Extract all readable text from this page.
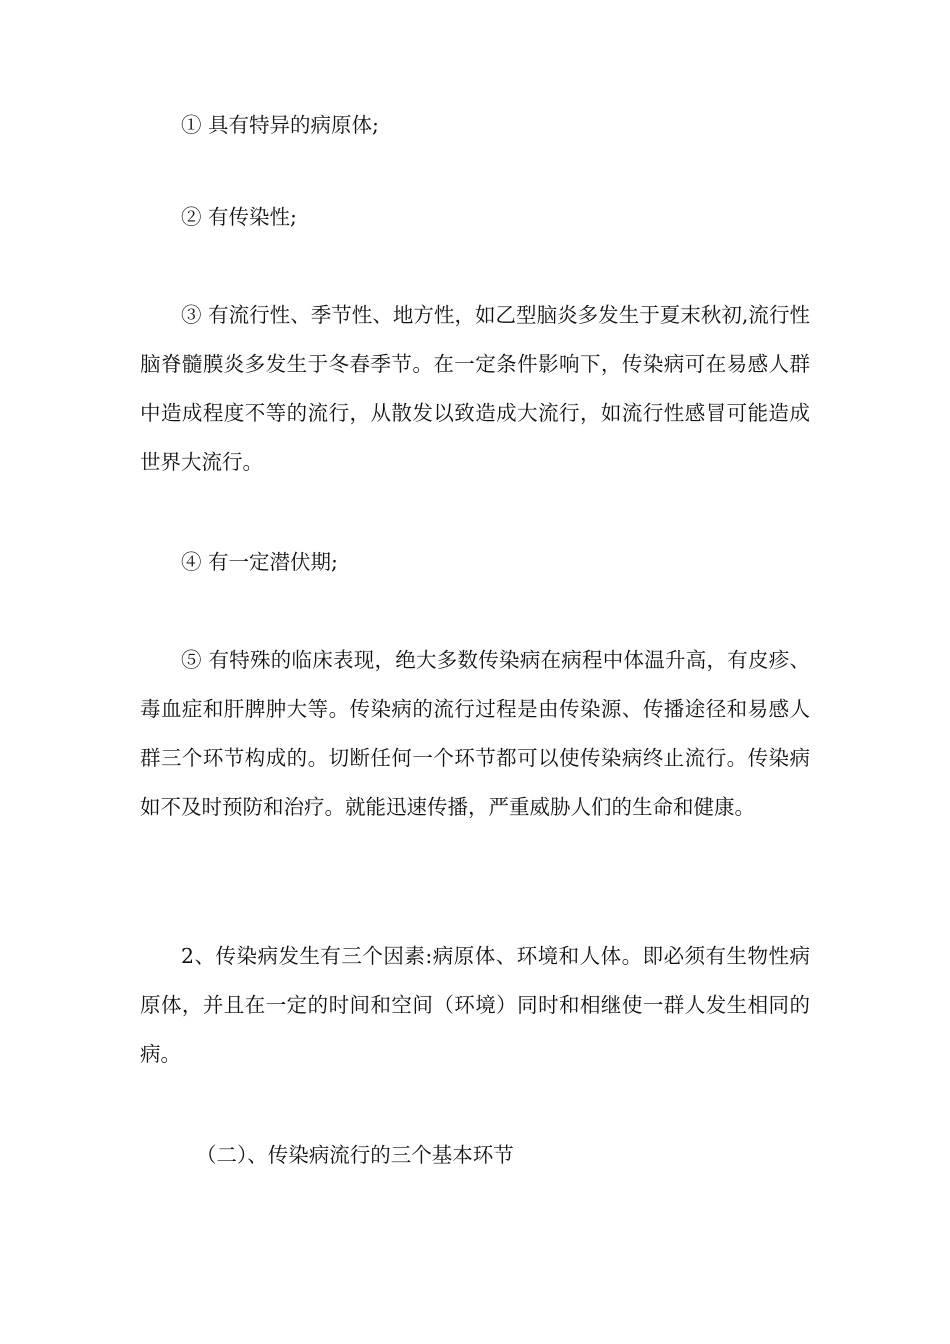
① 具有特异的病原体;

② 有传染性;

③ 有流行性、季节性、地方性，如乙型脑炎多发生于夏末秋初,流行性脑脊髓膜炎多发生于冬春季节。在一定条件影响下，传染病可在易感人群中造成程度不等的流行，从散发以致造成大流行，如流行性感冒可能造成世界大流行。

④ 有一定潜伏期;

⑤ 有特殊的临床表现，绝大多数传染病在病程中体温升高，有皮疹、毒血症和肝脾肿大等。传染病的流行过程是由传染源、传播途径和易感人群三个环节构成的。切断任何一个环节都可以使传染病终止流行。传染病如不及时预防和治疗。就能迅速传播，严重威胁人们的生命和健康。

2、传染病发生有三个因素:病原体、环境和人体。即必须有生物性病原体，并且在一定的时间和空间（环境）同时和相继使一群人发生相同的病。

（二）、传染病流行的三个基本环节
